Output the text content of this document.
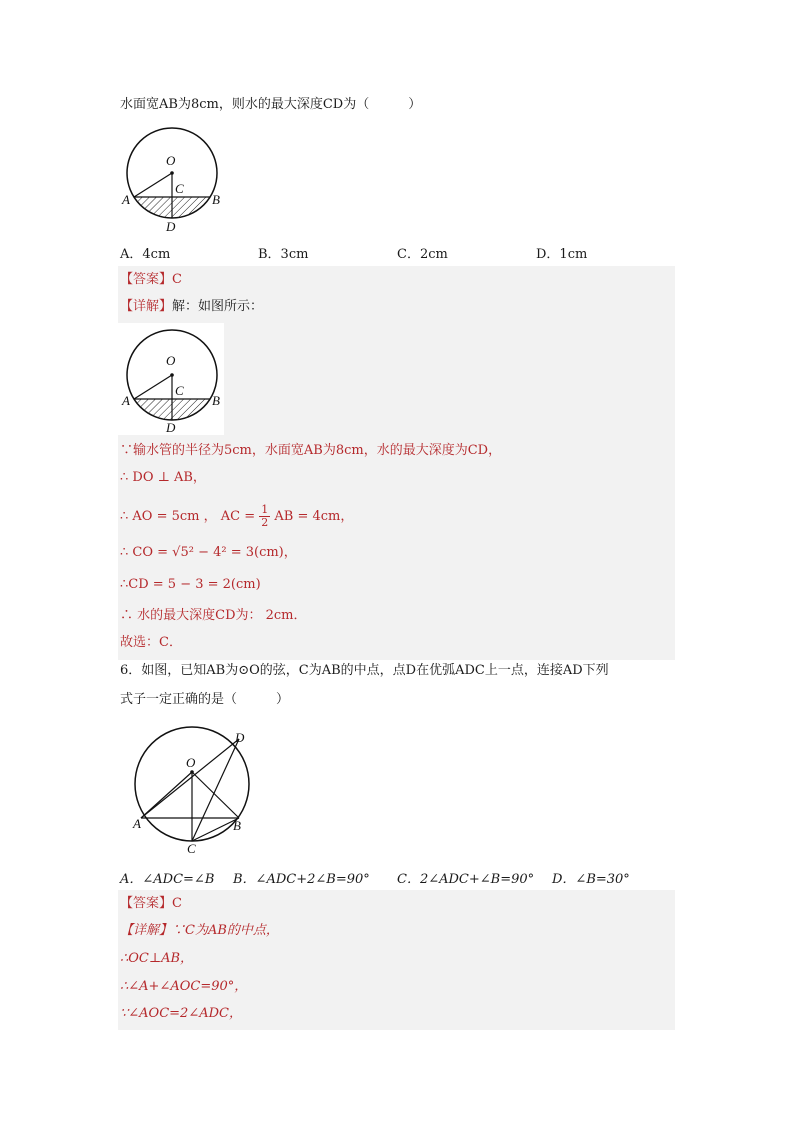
水面宽AB为8cm，则水的最大深度CD为（　　　）
O
C
A	B
D
A．4cm	B．3cm	C．2cm	D．1cm
【答案】C
【详解】解：如图所示：
O
C
A	B
D
∵输水管的半径为5cm，水面宽AB为8cm，水的最大深度为CD，
∴ DO ⊥ AB，
∴ AO = 5cm ， AC = $\frac{1}{2}$ AB = 4cm，
∴ CO = √5² − 4² = 3(cm)，
∴CD = 5 − 3 = 2(cm)
∴ 水的最大深度CD为： 2cm．
故选：C．
6．如图，已知AB为⊙O的弦，C为AB的中点，点D在优弧ADC上一点，连接AD下列
式子一定正确的是（　　　）
O
A	B
C
D
A．∠ADC=∠B B．∠ADC+2∠B=90° C．2∠ADC+∠B=90° D．∠B=30°
【答案】C
【详解】∵C为AB的中点，
∴OC⊥AB，
∴∠A+∠AOC=90°，
∵∠AOC=2∠ADC，
